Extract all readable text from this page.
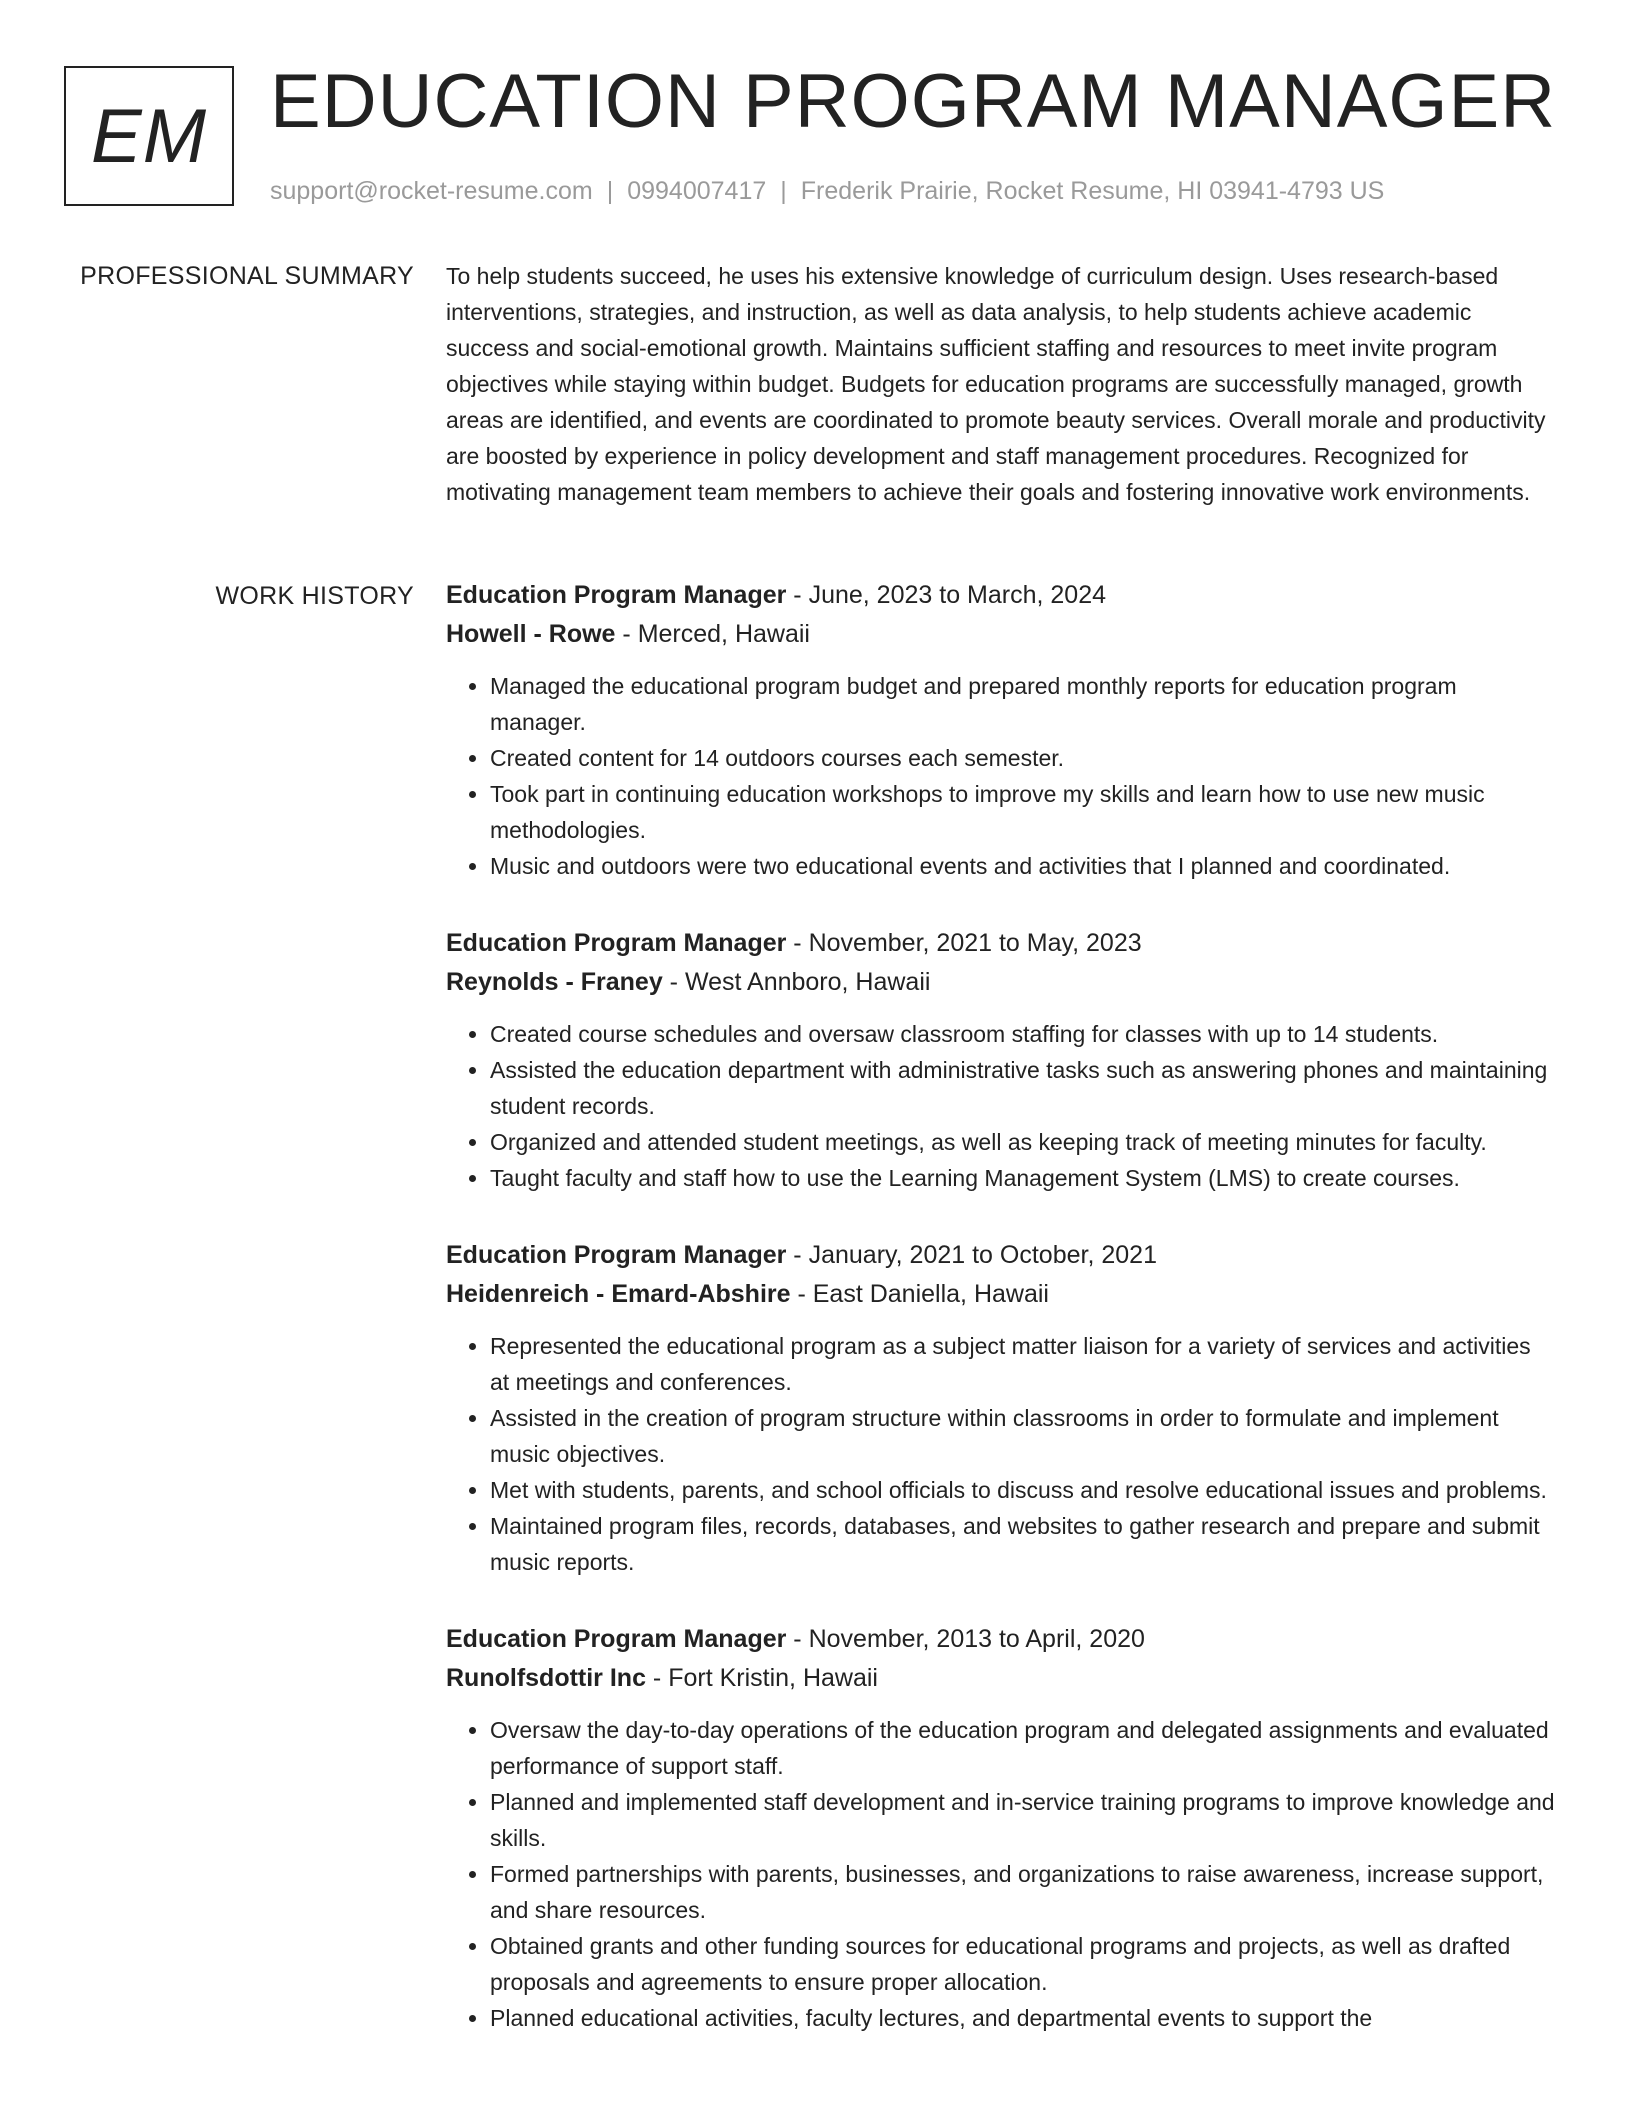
EM EDUCATION PROGRAM MANAGER
support@rocket-resume.com | 0994007417 | Frederik Prairie, Rocket Resume, HI 03941-4793 US
PROFESSIONAL SUMMARY To help students succeed, he uses his extensive knowledge of curriculum design. Uses research-based interventions, strategies, and instruction, as well as data analysis, to help students achieve academic success and social-emotional growth. Maintains sufficient staffing and resources to meet invite program objectives while staying within budget. Budgets for education programs are successfully managed, growth areas are identified, and events are coordinated to promote beauty services. Overall morale and productivity are boosted by experience in policy development and staff management procedures. Recognized for motivating management team members to achieve their goals and fostering innovative work environments.

WORK HISTORY Education Program Manager - June, 2023 to March, 2024
Howell - Rowe - Merced, Hawaii
• Managed the educational program budget and prepared monthly reports for education program manager.
• Created content for 14 outdoors courses each semester.
• Took part in continuing education workshops to improve my skills and learn how to use new music methodologies.
• Music and outdoors were two educational events and activities that I planned and coordinated.
Education Program Manager - November, 2021 to May, 2023
Reynolds - Franey - West Annboro, Hawaii
• Created course schedules and oversaw classroom staffing for classes with up to 14 students.
• Assisted the education department with administrative tasks such as answering phones and maintaining student records.
• Organized and attended student meetings, as well as keeping track of meeting minutes for faculty.
• Taught faculty and staff how to use the Learning Management System (LMS) to create courses.
Education Program Manager - January, 2021 to October, 2021
Heidenreich - Emard-Abshire - East Daniella, Hawaii
• Represented the educational program as a subject matter liaison for a variety of services and activities at meetings and conferences.
• Assisted in the creation of program structure within classrooms in order to formulate and implement music objectives.
• Met with students, parents, and school officials to discuss and resolve educational issues and problems.
• Maintained program files, records, databases, and websites to gather research and prepare and submit music reports.
Education Program Manager - November, 2013 to April, 2020
Runolfsdottir Inc - Fort Kristin, Hawaii
• Oversaw the day-to-day operations of the education program and delegated assignments and evaluated performance of support staff.
• Planned and implemented staff development and in-service training programs to improve knowledge and skills.
• Formed partnerships with parents, businesses, and organizations to raise awareness, increase support, and share resources.
• Obtained grants and other funding sources for educational programs and projects, as well as drafted proposals and agreements to ensure proper allocation.
• Planned educational activities, faculty lectures, and departmental events to support the
